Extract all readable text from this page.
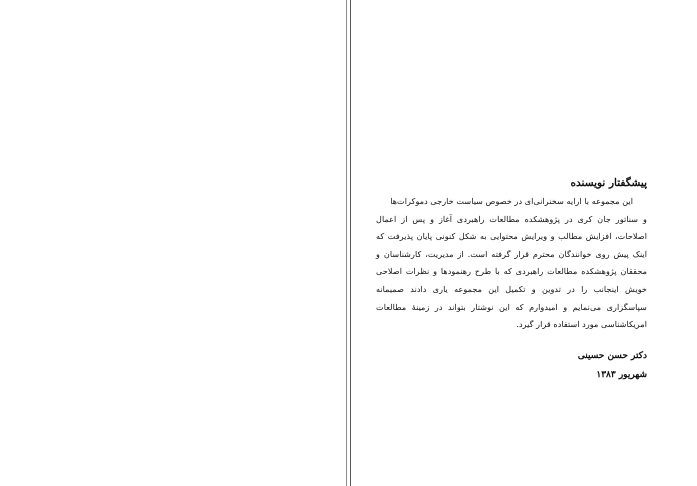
پیشگفتار نویسنده
این مجموعه با ارایه سخنرانی‌ای در خصوص سیاست خارجی دموکرات‌ها
و سناتور جان کری در پژوهشکده مطالعات راهبردی آغاز و پس از اعمال
اصلاحات، افزایش مطالب و ویرایش محتوایی به شکل کنونی پایان پذیرفت که
اینک پیش روی خوانندگان محترم قرار گرفته است. از مدیریت، کارشناسان و
محققان پژوهشکده مطالعات راهبردی که با طرح رهنمودها و نظرات اصلاحی
خویش اینجانب را در تدوین و تکمیل این مجموعه یاری دادند صمیمانه
سپاسگزاری می‌نمایم و امیدوارم که این نوشتار بتواند در زمینهٔ مطالعات
امریکاشناسی مورد استفاده قرار گیرد.
دکتر حسن حسینی
شهریور ۱۳۸۳
